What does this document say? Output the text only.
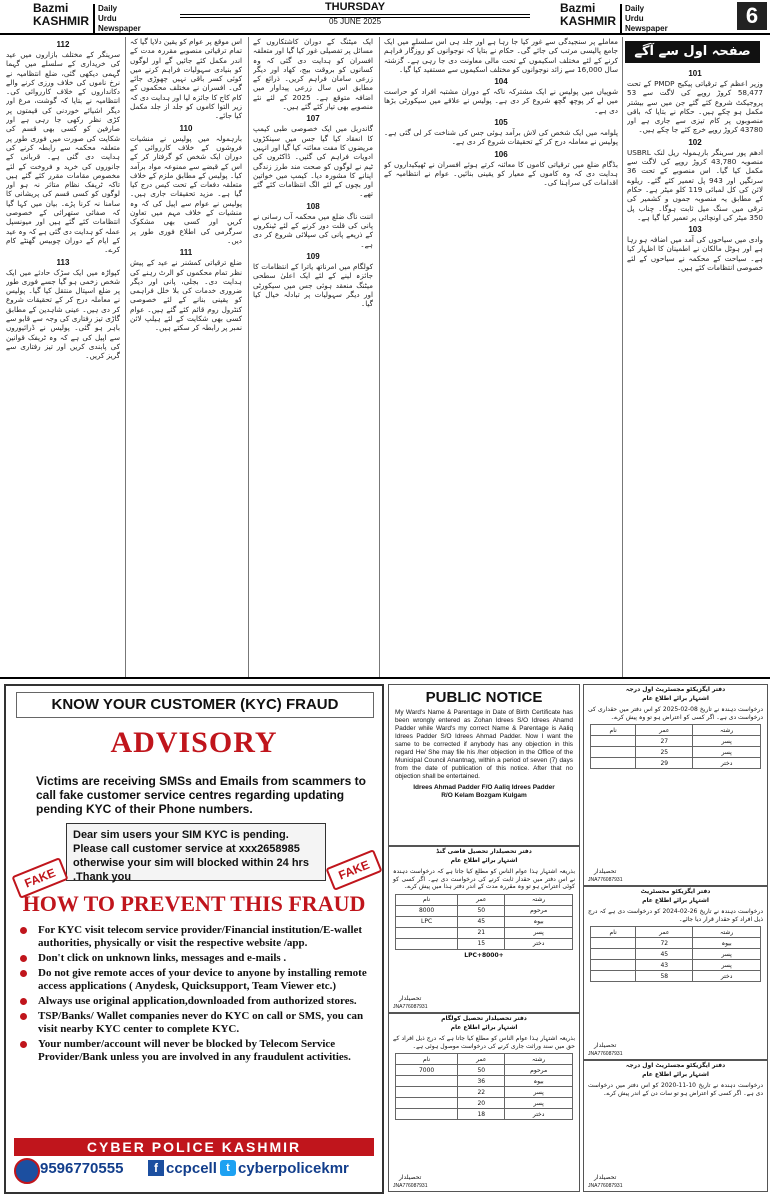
Bazmi
KASHMIR
Daily
Urdu Newspaper
THURSDAY
05 JUNE 2025
Bazmi
KASHMIR
Daily
Urdu Newspaper
6
112

سرینگر کے مختلف بازاروں میں عید کی خریداری کے سلسلے میں گہما گہمی دیکھی گئی، ضلع انتظامیہ نے نرخ ناموں کی خلاف ورزی کرنے والے دکانداروں کے خلاف کارروائی کی۔ انتظامیہ نے بتایا کہ گوشت، مرغ اور دیگر اشیائے خوردنی کی قیمتوں پر کڑی نظر رکھی جا رہی ہے اور صارفین کو کسی بھی قسم کی شکایت کی صورت میں فوری طور پر متعلقہ محکمہ سے رابطہ کرنے کی ہدایت دی گئی ہے۔ قربانی کے جانوروں کی خرید و فروخت کے لئے مخصوص مقامات مقرر کئے گئے ہیں تاکہ ٹریفک نظام متاثر نہ ہو اور لوگوں کو کسی قسم کی پریشانی کا سامنا نہ کرنا پڑے۔ بیان میں کہا گیا کہ صفائی ستھرائی کے خصوصی انتظامات کئے گئے ہیں اور میونسپل عملہ کو ہدایت دی گئی ہے کہ وہ عید کے ایام کے دوران چوبیس گھنٹے کام کرے۔

113

کپواڑہ میں ایک سڑک حادثے میں ایک شخص زخمی ہو گیا جسے فوری طور پر ضلع اسپتال منتقل کیا گیا۔ پولیس نے معاملہ درج کر کے تحقیقات شروع کر دی ہیں۔ عینی شاہدین کے مطابق گاڑی تیز رفتاری کی وجہ سے قابو سے باہر ہو گئی۔ پولیس نے ڈرائیوروں سے اپیل کی ہے کہ وہ ٹریفک قوانین کی پابندی کریں اور تیز رفتاری سے گریز کریں۔

اس موقع پر عوام کو یقین دلایا گیا کہ تمام ترقیاتی منصوبے مقررہ مدت کے اندر مکمل کئے جائیں گے اور لوگوں کو بنیادی سہولیات فراہم کرنے میں کوئی کسر باقی نہیں چھوڑی جائے گی۔ افسران نے مختلف محکموں کے کام کاج کا جائزہ لیا اور ہدایت دی کہ زیر التوا کاموں کو جلد از جلد مکمل کیا جائے۔

110

بارہمولہ میں پولیس نے منشیات فروشوں کے خلاف کارروائی کے دوران ایک شخص کو گرفتار کر کے اس کے قبضے سے ممنوعہ مواد برآمد کیا۔ پولیس کے مطابق ملزم کے خلاف متعلقہ دفعات کے تحت کیس درج کیا گیا ہے۔ مزید تحقیقات جاری ہیں۔ پولیس نے عوام سے اپیل کی کہ وہ منشیات کے خلاف مہم میں تعاون کریں اور کسی بھی مشکوک سرگرمی کی اطلاع فوری طور پر دیں۔

111

ضلع ترقیاتی کمشنر نے عید کے پیش نظر تمام محکموں کو الرٹ رہنے کی ہدایت دی۔ بجلی، پانی اور دیگر ضروری خدمات کی بلا خلل فراہمی کو یقینی بنانے کے لئے خصوصی کنٹرول روم قائم کئے گئے ہیں۔ عوام کسی بھی شکایت کے لئے ہیلپ لائن نمبر پر رابطہ کر سکتے ہیں۔

ایک میٹنگ کے دوران کاشتکاروں کے مسائل پر تفصیلی غور کیا گیا اور متعلقہ افسران کو ہدایت دی گئی کہ وہ کسانوں کو بروقت بیج، کھاد اور دیگر زرعی سامان فراہم کریں۔ ذرائع کے مطابق اس سال زرعی پیداوار میں اضافہ متوقع ہے۔ 2025 کے لئے نئے منصوبے بھی تیار کئے گئے ہیں۔

107

گاندربل میں ایک خصوصی طبی کیمپ کا انعقاد کیا گیا جس میں سینکڑوں مریضوں کا مفت معائنہ کیا گیا اور انہیں ادویات فراہم کی گئیں۔ ڈاکٹروں کی ٹیم نے لوگوں کو صحت مند طرز زندگی اپنانے کا مشورہ دیا۔ کیمپ میں خواتین اور بچوں کے لئے الگ انتظامات کئے گئے تھے۔

108

اننت ناگ ضلع میں محکمہ آب رسانی نے پانی کی قلت دور کرنے کے لئے ٹینکروں کے ذریعے پانی کی سپلائی شروع کر دی ہے۔

109

کولگام میں امرناتھ یاترا کے انتظامات کا جائزہ لینے کے لئے ایک اعلیٰ سطحی میٹنگ منعقد ہوئی جس میں سیکورٹی اور دیگر سہولیات پر تبادلہ خیال کیا گیا۔

معاملے پر سنجیدگی سے غور کیا جا رہا ہے اور جلد ہی اس سلسلے میں ایک جامع پالیسی مرتب کی جائے گی۔ حکام نے بتایا کہ نوجوانوں کو روزگار فراہم کرنے کے لئے مختلف اسکیموں کے تحت مالی معاونت دی جا رہی ہے۔ گزشتہ سال 16,000 سے زائد نوجوانوں کو مختلف اسکیموں سے مستفید کیا گیا۔

104

شوپیاں میں پولیس نے ایک مشترکہ ناکہ کے دوران مشتبہ افراد کو حراست میں لے کر پوچھ گچھ شروع کر دی ہے۔ پولیس نے علاقے میں سیکورٹی بڑھا دی ہے۔

105

پلوامہ میں ایک شخص کی لاش برآمد ہوئی جس کی شناخت کر لی گئی ہے۔ پولیس نے معاملہ درج کر کے تحقیقات شروع کر دی ہے۔

106

بڈگام ضلع میں ترقیاتی کاموں کا معائنہ کرتے ہوئے افسران نے ٹھیکیداروں کو ہدایت دی کہ وہ کاموں کے معیار کو یقینی بنائیں۔ عوام نے انتظامیہ کے اقدامات کی سراہنا کی۔

صفحہ اول سے آگے
101

وزیر اعظم کے ترقیاتی پیکیج PMDP کے تحت 58,477 کروڑ روپے کی لاگت سے 53 پروجیکٹ شروع کئے گئے جن میں سے بیشتر مکمل ہو چکے ہیں۔ حکام نے بتایا کہ باقی منصوبوں پر کام تیزی سے جاری ہے اور 43780 کروڑ روپے خرچ کئے جا چکے ہیں۔

102

ادھم پور سرینگر بارہمولہ ریل لنک USBRL منصوبہ 43,780 کروڑ روپے کی لاگت سے مکمل کیا گیا۔ اس منصوبے کے تحت 36 سرنگیں اور 943 پل تعمیر کئے گئے۔ ریلوے لائن کی کل لمبائی 119 کلو میٹر ہے۔ حکام کے مطابق یہ منصوبہ جموں و کشمیر کی ترقی میں سنگ میل ثابت ہوگا۔ چناب پل 350 میٹر کی اونچائی پر تعمیر کیا گیا ہے۔

103

وادی میں سیاحوں کی آمد میں اضافہ ہو رہا ہے اور ہوٹل مالکان نے اطمینان کا اظہار کیا ہے۔ سیاحت کے محکمہ نے سیاحوں کے لئے خصوصی انتظامات کئے ہیں۔

KNOW YOUR CUSTOMER (KYC) FRAUD
ADVISORY
Victims are receiving SMSs and Emails from scammers to call fake customer service centres regarding updating pending KYC of their Phone numbers.
Dear sim users your SIM KYC is pending. Please call customer service at xxx2658985 otherwise your sim will blocked within 24 hrs .Thank you
FAKE	FAKE
HOW TO PREVENT THIS FRAUD
For KYC visit telecom service provider/Financial institution/E-wallet authorities, physically or visit the respective website /app.
Don't click on unknown links, messages and e-mails .
Do not give remote acces of your device to anyone by installing remote access applications ( Anydesk, Quicksupport, Team Viewer etc.)
Always use original application,downloaded from authorized stores.
TSP/Banks/ Wallet companies never do KYC on call or SMS, you can visit nearby KYC center to complete KYC.
Your number/account will never be blocked by Telecom Service Provider/Bank unless you are involved in any fraudulent activities.
CYBER POLICE KASHMIR
9596770555	f ccpcell t cyberpolicekmr
PUBLIC NOTICE
My Ward's Name & Parentage in Date of Birth Certificate has been wrongly entered as Zohan Idrees S/O Idrees Ahamd Padder while Ward's my correct Name & Parentage is Aaliq Idrees Padder S/O Idrees Ahmad Padder. Now I want the same to be corrected if anybody has any objection in this regard He/ She may file his /her objection in the Office of the Municipal Council Anantnag, within a period of seven (7) days from the date of publication of this notice. After that no objection shall be entertained.
Idrees Ahmad Padder F/O Aaliq Idrees Padder
R/O Kelam Bozgam Kulgam
دفتر تحصیلدار تحصیل قاضی گنڈ
اشتہار برائے اطلاع عام
بذریعہ اشتہار ہذا عوام الناس کو مطلع کیا جاتا ہے کہ درخواست دہندہ نے اس دفتر میں حقدار ثابت کرنے کی درخواست دی ہے۔ اگر کسی کو کوئی اعتراض ہو تو وہ مقررہ مدت کے اندر دفتر ہذا میں پیش کرے۔
نام	عمر	رشتہ
8000	50	مرحوم
LPC	45	بیوہ
	21	پسر
	15	دختر
+8000+LPC
تحصیلدار
JNA776087931
دفتر تحصیلدار تحصیل کولگام
اشتہار برائے اطلاع عام
بذریعہ اشتہار ہذا عوام الناس کو مطلع کیا جاتا ہے کہ درج ذیل افراد کے حق میں سند وراثت جاری کرنے کی درخواست موصول ہوئی ہے۔
نام	عمر	رشتہ
7000	50	مرحوم
	36	بیوہ
	22	پسر
	20	پسر
	18	دختر
تحصیلدار
JNA776087931
دفتر ایگزیکٹو مجسٹریٹ اول درجہ
اشتہار برائے اطلاع عام
درخواست دہندہ نے تاریخ 08-02-2025 کو اس دفتر میں حقداری کی درخواست دی ہے۔ اگر کسی کو اعتراض ہو تو وہ پیش کرے۔
نام	عمر	رشتہ
	27	پسر
	25	پسر
	29	دختر
تحصیلدار
JNA776087931
دفتر ایگزیکٹو مجسٹریٹ
اشتہار برائے اطلاع عام
درخواست دہندہ نے تاریخ 26-02-2024 کو درخواست دی ہے کہ درج ذیل افراد کو حقدار قرار دیا جائے۔
نام	عمر	رشتہ
	72	بیوہ
	45	پسر
	43	پسر
	58	دختر
تحصیلدار
JNA776087931
دفتر ایگزیکٹو مجسٹریٹ اول درجہ
اشتہار برائے اطلاع عام
درخواست دہندہ نے تاریخ 10-11-2020 کو اس دفتر میں درخواست دی ہے۔ اگر کسی کو اعتراض ہو تو سات دن کے اندر پیش کرے۔
تحصیلدار
JNA776087931
